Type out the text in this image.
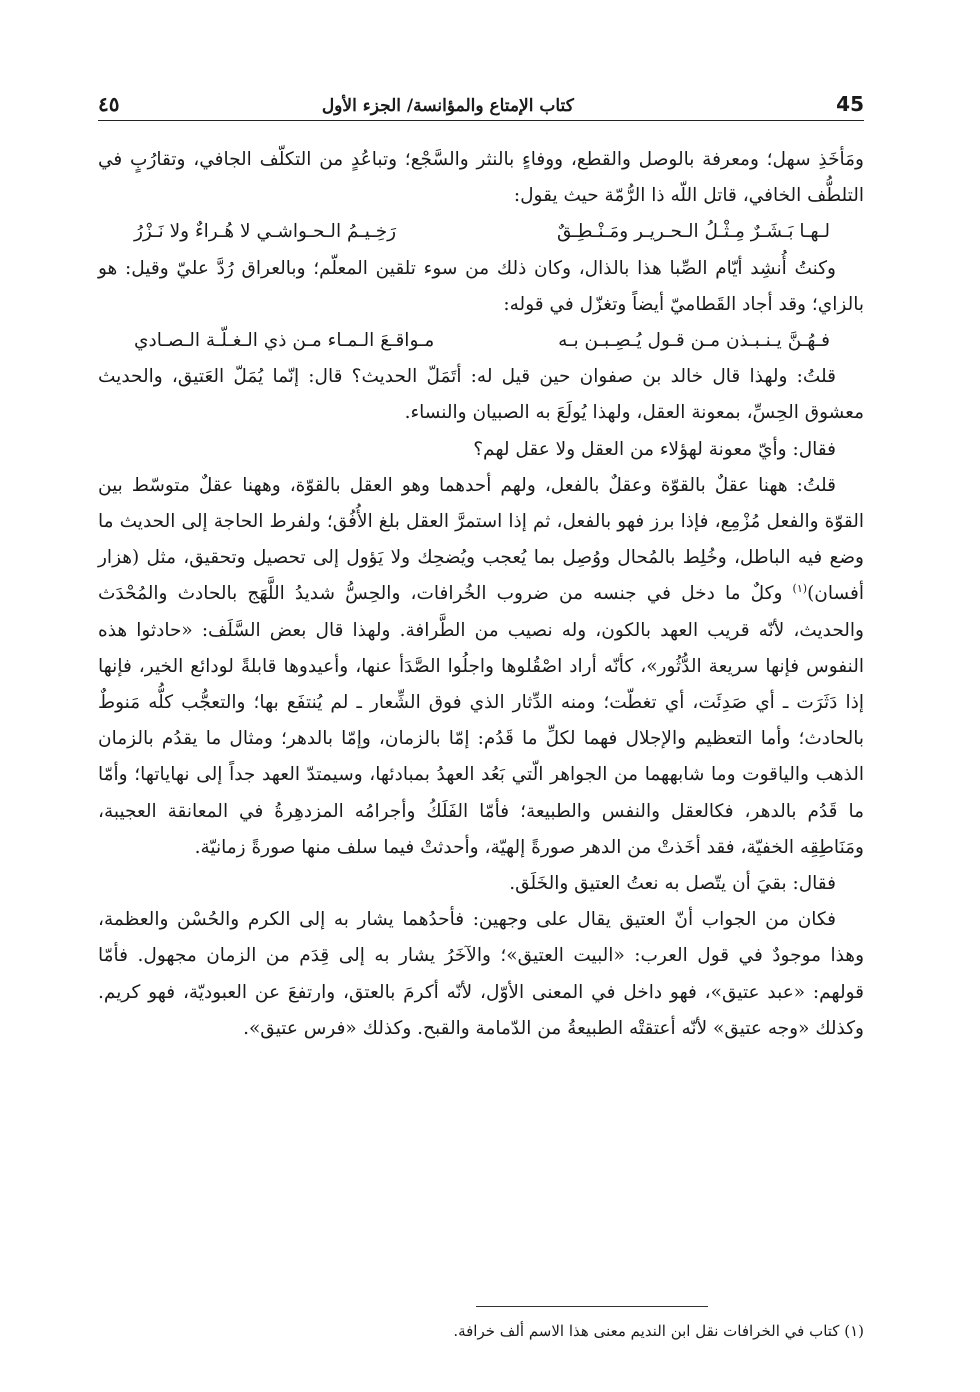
45
كتاب الإمتاع والمؤانسة/ الجزء الأول
٤٥

ومَأخَذِ سهل؛ ومعرفة بالوصل والقطع، ووفاءٍ بالنثر والسَّجْع؛ وتباعُدٍ من التكلّف الجافي، وتقارُبٍ في التلطُّف الخافي، قاتل اللّه ذا الرُّمّة حيث يقول:

لـهـا بَـشَـرٌ مِـثْـلُ الـحـريـر ومَـنْـطِـقٌ
رَخِـيـمُ الـحـواشـي لا هُـراءٌ ولا نَـزْرُ

وكنتُ أُنشِد أيّام الصِّبا هذا بالذال، وكان ذلك من سوء تلقين المعلّم؛ وبالعراق رُدَّ عليّ وقيل: هو بالزاي؛ وقد أجاد القَطاميّ أيضاً وتغزّل في قوله:

فـهُـنَّ يـنـبـذن مـن قـول يُـصِـبـن بـه
مـواقـعَ الـمـاء مـن ذي الـغـلّـة الـصـادي

قلتُ: ولهذا قال خالد بن صفوان حين قيل له: أتَمَلّ الحديث؟ قال: إنّما يُمَلّ العَتيق، والحديث معشوق الحِسِّ، بمعونة العقل، ولهذا يُولَعَ به الصبيان والنساء.

فقال: وأيّ معونة لهؤلاء من العقل ولا عقل لهم؟

قلتُ: ههنا عقلٌ بالقوّة وعقلٌ بالفعل، ولهم أحدهما وهو العقل بالقوّة، وههنا عقلٌ متوسّط بين القوّة والفعل مُزْمِع، فإذا برز فهو بالفعل، ثم إذا استمرَّ العقل بلغ الأُفُق؛ ولفرط الحاجة إلى الحديث ما وضع فيه الباطل، وخُلِط بالمُحال ووُصِل بما يُعجب ويُضحِك ولا يَؤول إلى تحصيل وتحقيق، مثل (هزار أفسان)$^{(١)}$ وكلٌ ما دخل في جنسه من ضروب الخُرافات، والحِسُّ شديدُ اللَّهَج بالحادث والمُحْدَث والحديث، لأنّه قريب العهد بالكون، وله نصيب من الطَّرافة. ولهذا قال بعض السَّلَف: «حادثوا هذه النفوس فإنها سريعة الدُّثُور»، كأنّه أراد اصْقُلوها واجلُوا الصَّدَأ عنها، وأعيدوها قابلةً لودائع الخير، فإنها إذا دَثَرَت ـ أي صَدِئَت، أي تغطّت؛ ومنه الدِّثار الذي فوق الشِّعار ـ لم يُنتفَع بها؛ والتعجُّب كلُّه مَنوطٌ بالحادث؛ وأما التعظيم والإجلال فهما لكلِّ ما قَدُم: إمّا بالزمان، وإمّا بالدهر؛ ومثال ما يقدُم بالزمان الذهب والياقوت وما شابههما من الجواهر الّتي بَعُد العهدُ بمبادئها، وسيمتدّ العهد جداً إلى نهاياتها؛ وأمّا ما قَدُم بالدهر، فكالعقل والنفس والطبيعة؛ فأمّا الفَلَكُ وأجرامُه المزدهِرةُ في المعانقة العجيبة، ومَنَاطِقِه الخفيّة، فقد أخَذتْ من الدهر صورةً إلهيّة، وأحدثتْ فيما سلف منها صورةً زمانيّة.

فقال: بقيَ أن يتّصل به نعتُ العتيق والخَلَق.

فكان من الجواب أنّ العتيق يقال على وجهين: فأحدُهما يشار به إلى الكرم والحُسْن والعظمة، وهذا موجودٌ في قول العرب: «البيت العتيق»؛ والآخَرُ يشار به إلى قِدَم من الزمان مجهول. فأمّا قولهم: «عبد عتيق»، فهو داخل في المعنى الأوّل، لأنّه أكرمَ بالعتق، وارتفعَ عن العبوديّة، فهو كريم. وكذلك «وجه عتيق» لأنّه أعتقتْه الطبيعةُ من الدّمامة والقبح. وكذلك «فرس عتيق».

(١) كتاب في الخرافات نقل ابن النديم معنى هذا الاسم ألف خرافة.
